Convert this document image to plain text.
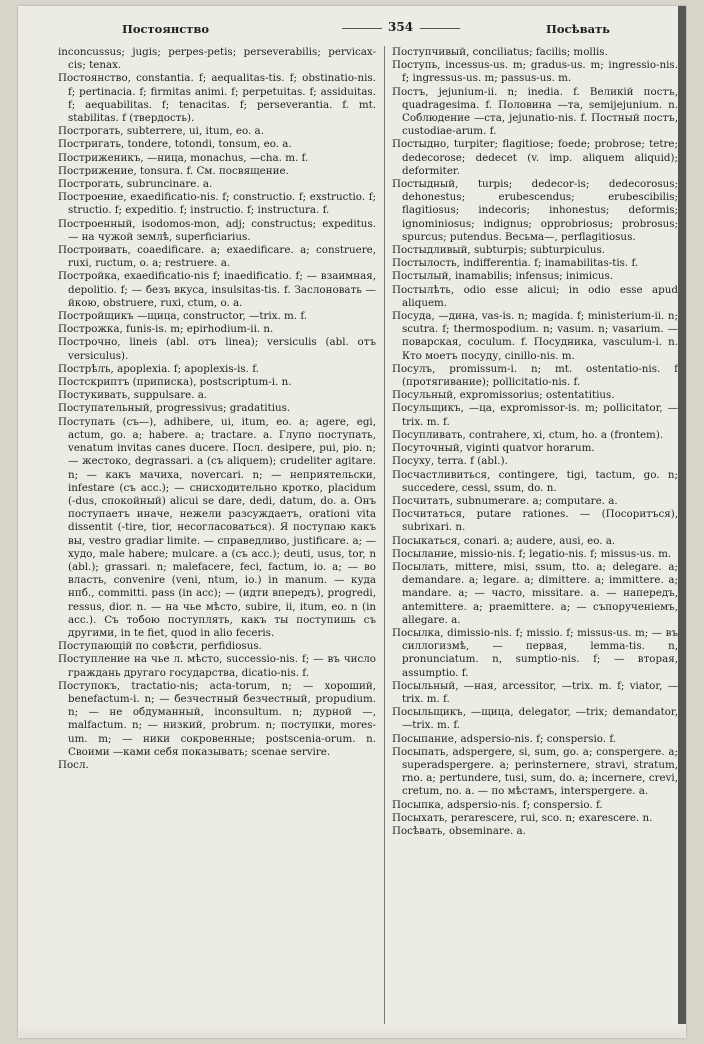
Постоянство	354	Поcѣвать

inconcussus; jugis; perpes-petis; perseverabilis; pervicax-cis; tenax.

Постоянство, constantia. f; aequalitas-tis. f; obstinatio-nis. f; pertinacia. f; firmitas animi. f; perpetuitas. f; assiduitas. f; aequabilitas. f; tenacitas. f; perseverantia. f. mt. stabilitas. f (твердость).

Построгать, subterrere, ui, itum, eo. a.

Постригать, tondere, totondi, tonsum, eo. a.

Постриженикъ, —ница, monachus, —cha. m. f.

Пострижение, tonsura. f. См. посвящение.

Построгать, subruncinare. a.

Построение, exaedificatio-nis. f; constructio. f; exstructio. f; structio. f; expeditio. f; instructio. f; instructura. f.

Построенный, isodomos-mon, adj; constructus; expeditus. — на чужой землѣ, superficiarius.

Построивать, coaedificare. a; exaedificare. a; construere, ruxi, ructum, o. a; restruere. a.

Постройка, exaedificatio-nis f; inaedificatio. f; — взаимная, depolitio. f; — безъ вкуса, insulsitas-tis. f. Заслоновать —йкою, obstruere, ruxi, ctum, o. a.

Постройщикъ —щица, constructor, —trix. m. f.

Построжка, funis-is. m; epirhodium-ii. n.

Построчно, lineis (abl. отъ linea); versiculis (abl. отъ versiculus).

Пострѣлъ, apoplexia. f; apoplexis-is. f.

Постскриптъ (приписка), postscriptum-i. n.

Постукивать, suppulsare. a.

Поступательный, progressivus; gradatitius.

Поступать (съ—), adhibere, ui, itum, eo. a; agere, egi, actum, go. a; habere. a; tractare. a. Глупо поступать, venatum invitas canes ducere. Посл. desipere, pui, pio. n; — жестоко, degrassari. a (съ aliquem); crudeliter agitare. n; — какъ мачиха, novercari. n; — неприятельски, infestare (съ acc.); — снисходительно кротко, placidum (-dus, спокойный) alicui se dare, dedi, datum, do. a. Онъ поступаетъ иначе, нежели разсуждаетъ, orationi vita dissentit (-tire, tior, несогласоваться). Я поступаю какъ вы, vestro gradiar limite. — справедливо, justificare. a; — худо, male habere; mulcare. a (съ acc.); deuti, usus, tor, n (abl.); grassari. n; malefacere, feci, factum, io. a; — во власть, convenire (veni, ntum, io.) in manum. — куда нпб., committi. pass (in acc); — (идти впередъ), progredi, ressus, dior. n. — на чье мѣсто, subire, ii, itum, eo. n (in acc.). Съ тобою поступлять, какъ ты поступишь съ другими, in te fiet, quod in alio feceris.

Поступающій по совѣсти, perfidiosus.

Поступление на чье л. мѣсто, successio-nis. f; — въ число граждань другаго государства, dicatio-nis. f.

Поступокъ, tractatio-nis; acta-torum, n; — хороший, benefactum-i. n; — безчестный безчестный, propudium. n; — не обдуманный, inconsultum. n; дурной —, malfactum. n; — низкий, probrum. n; поступки, mores-um. m; — ники сокровенные; postscenia-orum. n. Своими —ками себя показывать; scenae servire.

Посл.

Поступчивый, conciliatus; facilis; mollis.

Поступь, incessus-us. m; gradus-us. m; ingressio-nis. f; ingressus-us. m; passus-us. m.

Постъ, jejunium-ii. n; inedia. f. Великій постъ, quadragesima. f. Половина —та, semijejunium. n. Соблюдение —ста, jejunatio-nis. f. Постный постъ, custodiae-arum. f.

Постыдно, turpiter; flagitiose; foede; probrose; tetre; dedecorose; dedecet (v. imp. aliquem aliquid); deformiter.

Постыдный, turpis; dedecor-is; dedecorosus; dehonestus; erubescendus; erubescibilis; flagitiosus; indecoris; inhonestus; deformis; ignominiosus; indignus; opprobriosus; probrosus; spurcus; putendus. Весьма—, perflagitiosus.

Постыдливый, subturpis; subturpiculus.

Постылость, indifferentia. f; inamabilitas-tis. f.

Постылый, inamabilis; infensus; inimicus.

Постылѣть, odio esse alicui; in odio esse apud aliquem.

Посуда, —дина, vas-is. n; magida. f; ministerium-ii. n; scutra. f; thermospodium. n; vasum. n; vasarium. — поварская, coculum. f. Посудника, vasculum-i. n. Кто моетъ посуду, cinillo-nis. m.

Посулъ, promissum-i. n; mt. ostentatio-nis. f (протягивание); pollicitatio-nis. f.

Посульный, expromissorius; ostentatitius.

Посульщикъ, —ца, expromissor-is. m; pollicitator, —trix. m. f.

Посупливать, contrahere, xi, ctum, ho. a (frontem).

Посуточный, viginti quatvor horarum.

Посуху, terra. f (abl.).

Посчастливиться, contingere, tigi, tactum, go. n; succedere, cessi, ssum, do. n.

Посчитать, subnumerare. a; computare. a.

Посчитаться, putare rationes. — (Посоритъся), subrixari. n.

Посыкаться, conari. a; audere, ausi, eo. a.

Посылание, missio-nis. f; legatio-nis. f; missus-us. m.

Посылать, mittere, misi, ssum, tto. a; delegare. a; demandare. a; legare. a; dimittere. a; immittere. a; mandare. a; — часто, missitare. a. — напередъ, antemittere. a; praemittere. a; — съпорученіемъ, allegare. a.

Посылка, dimissio-nis. f; missio. f; missus-us. m; — въ силлогизмѣ, — первая, lemma-tis. n, pronunciatum. n, sumptio-nis. f; — вторая, assumptio. f.

Посыльный, —ная, arcessitor, —trix. m. f; viator, —trix. m. f.

Посыльщикъ, —щица, delegator, —trix; demandator, —trix. m. f.

Посыпание, adspersio-nis. f; conspersio. f.

Посыпать, adspergere, si, sum, go. a; conspergere. a; superadspergere. a; perinsternere, stravi, stratum, rno. a; pertundere, tusi, sum, do. a; incernere, crevi, cretum, no. a. — по мѣстамъ, interspergere. a.

Посыпка, adspersio-nis. f; conspersio. f.

Посыхать, perarescere, rui, sco. n; exarescere. n.

Посѣвать, obseminare. a.
